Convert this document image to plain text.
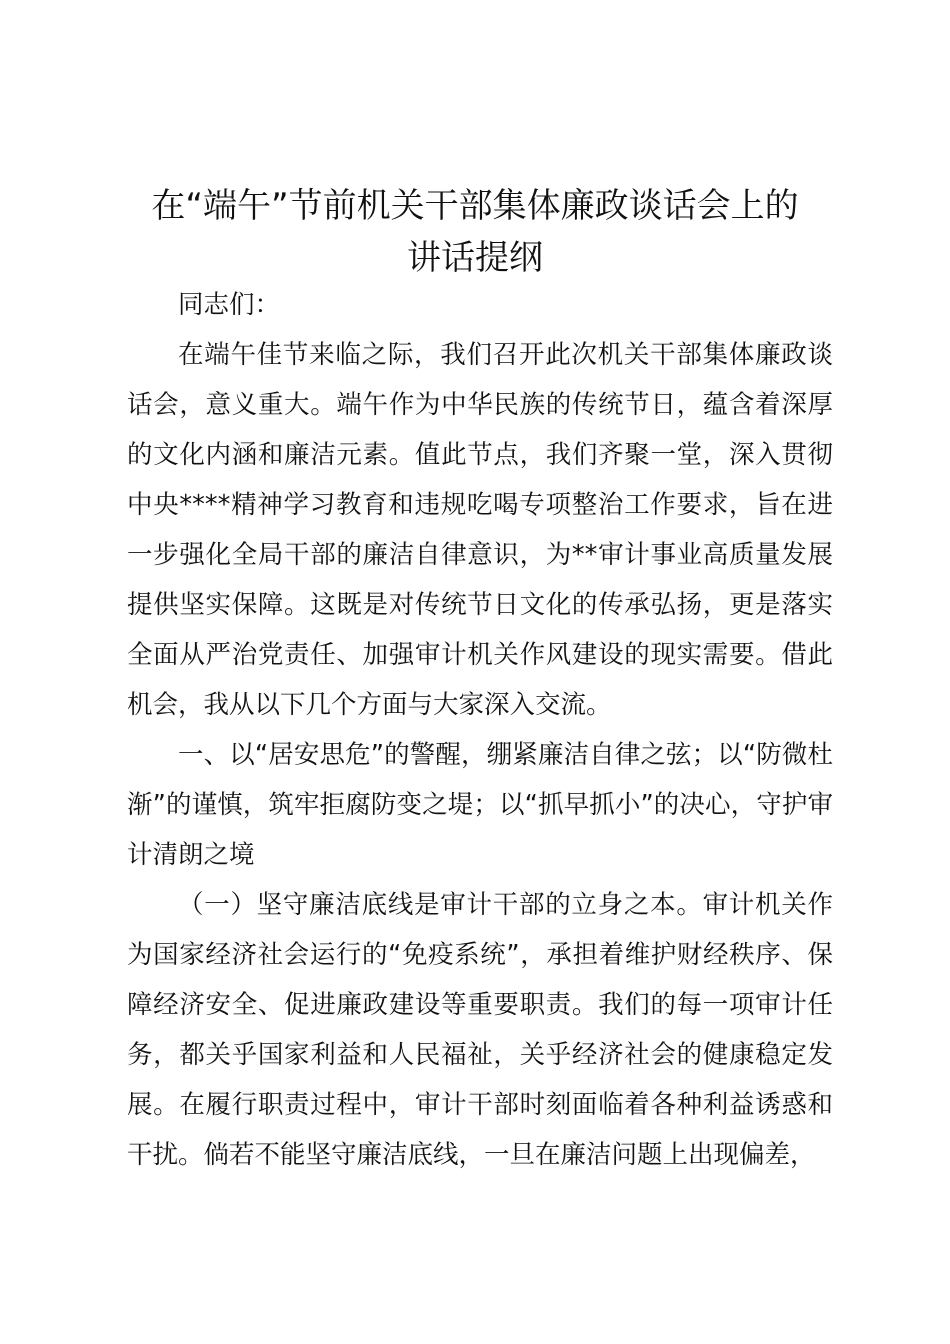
在“端午”节前机关干部集体廉政谈话会上的
讲话提纲

同志们：

在端午佳节来临之际，我们召开此次机关干部集体廉政谈话会，意义重大。端午作为中华民族的传统节日，蕴含着深厚的文化内涵和廉洁元素。值此节点，我们齐聚一堂，深入贯彻中央****精神学习教育和违规吃喝专项整治工作要求，旨在进一步强化全局干部的廉洁自律意识，为**审计事业高质量发展提供坚实保障。这既是对传统节日文化的传承弘扬，更是落实全面从严治党责任、加强审计机关作风建设的现实需要。借此机会，我从以下几个方面与大家深入交流。

一、以“居安思危”的警醒，绷紧廉洁自律之弦；以“防微杜渐”的谨慎，筑牢拒腐防变之堤；以“抓早抓小”的决心，守护审计清朗之境

（一）坚守廉洁底线是审计干部的立身之本。审计机关作为国家经济社会运行的“免疫系统”，承担着维护财经秩序、保障经济安全、促进廉政建设等重要职责。我们的每一项审计任务，都关乎国家利益和人民福祉，关乎经济社会的健康稳定发展。在履行职责过程中，审计干部时刻面临着各种利益诱惑和干扰。倘若不能坚守廉洁底线，一旦在廉洁问题上出现偏差，
